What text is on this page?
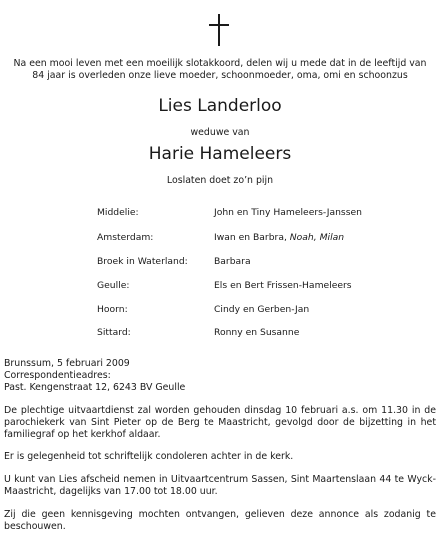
Na een mooi leven met een moeilijk slotakkoord, delen wij u mede dat in de leeftijd van 84 jaar is overleden onze lieve moeder, schoonmoeder, oma, omi en schoonzus
Lies Landerloo
weduwe van
Harie Hameleers
Loslaten doet zo’n pijn
Middelie:	John en Tiny Hameleers-Janssen
Amsterdam:	Iwan en Barbra, Noah, Milan
Broek in Waterland:	Barbara
Geulle:	Els en Bert Frissen-Hameleers
Hoorn:	Cindy en Gerben-Jan
Sittard:	Ronny en Susanne
Brunssum, 5 februari 2009
Correspondentieadres:
Past. Kengenstraat 12, 6243 BV Geulle
De plechtige uitvaartdienst zal worden gehouden dinsdag 10 februari a.s. om 11.30 in de parochiekerk van Sint Pieter op de Berg te Maastricht, gevolgd door de bijzetting in het familiegraf op het kerkhof aldaar.
Er is gelegenheid tot schriftelijk condoleren achter in de kerk.
U kunt van Lies afscheid nemen in Uitvaartcentrum Sassen, Sint Maartenslaan 44 te Wyck-Maastricht, dagelijks van 17.00 tot 18.00 uur.
Zij die geen kennisgeving mochten ontvangen, gelieven deze annonce als zodanig te beschouwen.
